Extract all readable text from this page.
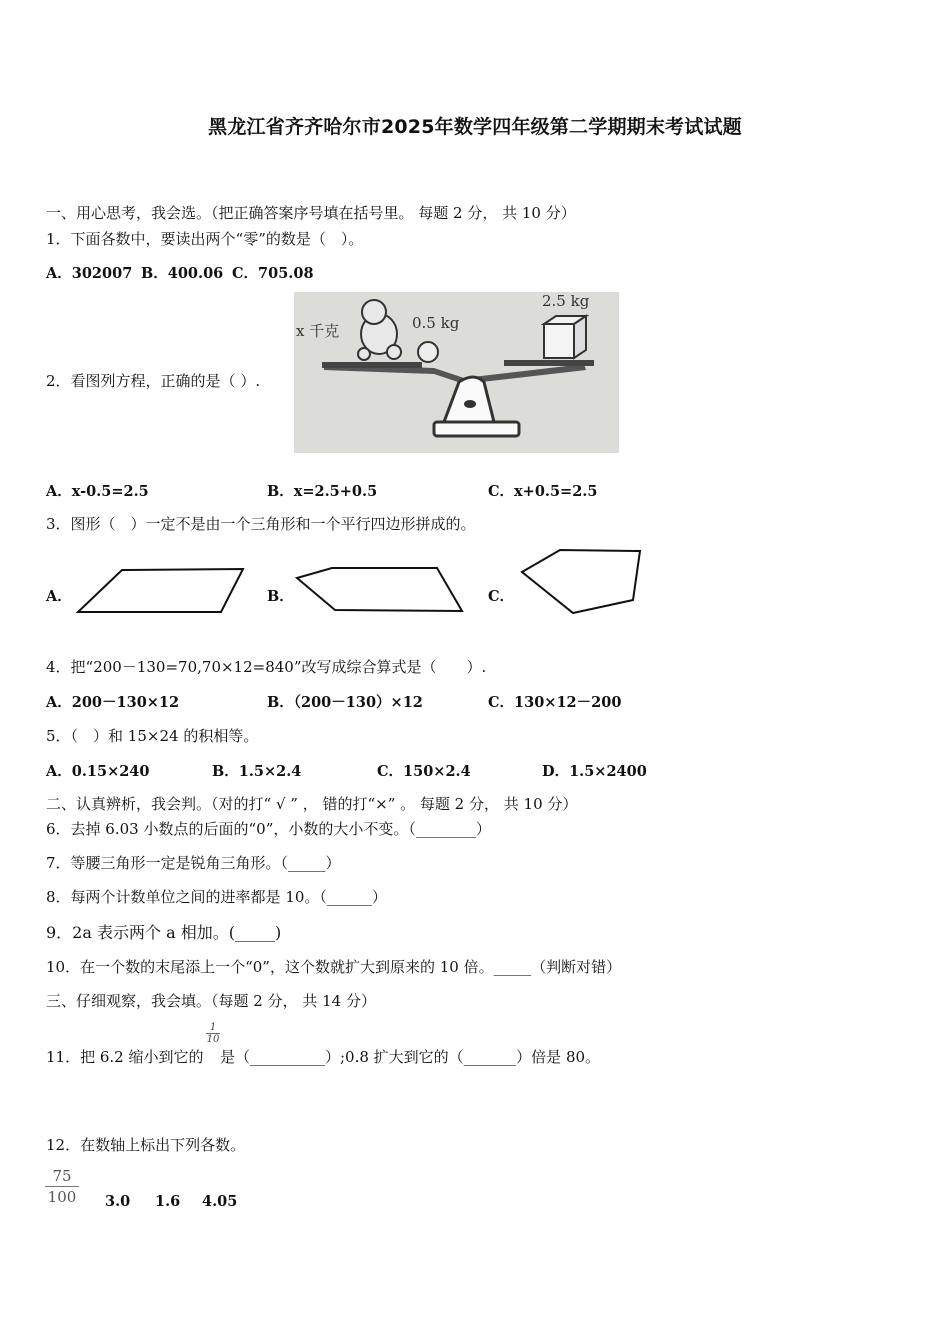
黑龙江省齐齐哈尔市2025年数学四年级第二学期期末考试试题
一、用心思考，我会选。（把正确答案序号填在括号里。 每题 2 分， 共 10 分）
1．下面各数中，要读出两个“零”的数是（　）。
A．302007 B．400.06 C．705.08
2．看图列方程，正确的是（ ）.
x 千克	0.5 kg
2.5 kg
A．x-0.5=2.5	B．x=2.5+0.5	C．x+0.5=2.5
3．图形（　）一定不是由一个三角形和一个平行四边形拼成的。
A．	B．	C．
4．把“200－130=70,70×12=840”改写成综合算式是（　　）.
A．200－130×12	B．（200－130）×12	C．130×12－200
5．（　）和 15×24 的积相等。
A．0.15×240	B．1.5×2.4	C．150×2.4	D．1.5×2400
二、认真辨析，我会判。（对的打“ √ ” ， 错的打“×” 。 每题 2 分， 共 10 分）
6．去掉 6.03 小数点的后面的“0”，小数的大小不变。（________）
7．等腰三角形一定是锐角三角形。（_____）
8．每两个计数单位之间的进率都是 10。（______）
9．2a 表示两个 a 相加。(_____)
10．在一个数的末尾添上一个“0”，这个数就扩大到原来的 10 倍。_____（判断对错）
三、仔细观察，我会填。（每题 2 分， 共 14 分）
11．把 6.2 缩小到它的
$\frac{1}{10}$
是（__________）;0.8 扩大到它的（_______）倍是 80。
12．在数轴上标出下列各数。
$\frac{75}{100} 3.0$ 1.6 4.05
